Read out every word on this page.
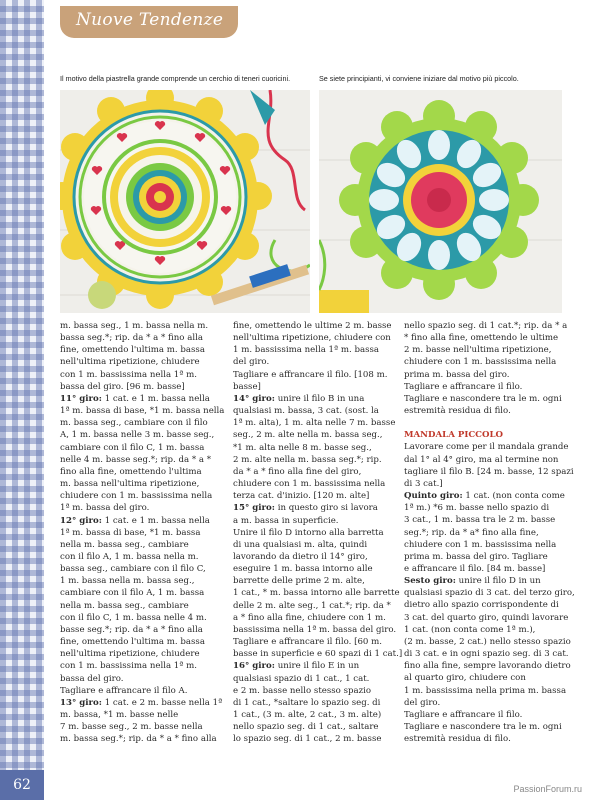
Nuove Tendenze
Il motivo della piastrella grande comprende un cerchio di teneri cuoricini.	Se siete principianti, vi conviene iniziare dal motivo più piccolo.

m. bassa seg., 1 m. bassa nella m.

bassa seg.*; rip. da * a * fino alla

fine, omettendo l'ultima m. bassa

nell'ultima ripetizione, chiudere

con 1 m. bassissima nella 1ª m.

bassa del giro. [96 m. basse]

11° giro: 1 cat. e 1 m. bassa nella

1ª m. bassa di base, *1 m. bassa nella

m. bassa seg., cambiare con il filo

A, 1 m. bassa nelle 3 m. basse seg.,

cambiare con il filo C, 1 m. bassa

nelle 4 m. basse seg.*; rip. da * a *

fino alla fine, omettendo l'ultima

m. bassa nell'ultima ripetizione,

chiudere con 1 m. bassissima nella

1ª m. bassa del giro.

12° giro: 1 cat. e 1 m. bassa nella

1ª m. bassa di base, *1 m. bassa

nella m. bassa seg., cambiare

con il filo A, 1 m. bassa nella m.

bassa seg., cambiare con il filo C,

1 m. bassa nella m. bassa seg.,

cambiare con il filo A, 1 m. bassa

nella m. bassa seg., cambiare

con il filo C, 1 m. bassa nelle 4 m.

basse seg.*; rip. da * a * fino alla

fine, omettendo l'ultima m. bassa

nell'ultima ripetizione, chiudere

con 1 m. bassissima nella 1ª m.

bassa del giro.

Tagliare e affrancare il filo A.

13° giro: 1 cat. e 2 m. basse nella 1ª

m. bassa, *1 m. basse nelle

7 m. basse seg., 2 m. basse nella

m. bassa seg.*; rip. da * a * fino alla

fine, omettendo le ultime 2 m. basse

nell'ultima ripetizione, chiudere con

1 m. bassissima nella 1ª m. bassa

del giro.

Tagliare e affrancare il filo. [108 m.

basse]

14° giro: unire il filo B in una

qualsiasi m. bassa, 3 cat. (sost. la

1ª m. alta), 1 m. alta nelle 7 m. basse

seg., 2 m. alte nella m. bassa seg.,

*1 m. alta nelle 8 m. basse seg.,

2 m. alte nella m. bassa seg.*; rip.

da * a * fino alla fine del giro,

chiudere con 1 m. bassissima nella

terza cat. d'inizio. [120 m. alte]

15° giro: in questo giro si lavora

a m. bassa in superficie.

Unire il filo D intorno alla barretta

di una qualsiasi m. alta, quindi

lavorando da dietro il 14° giro,

eseguire 1 m. bassa intorno alle

barrette delle prime 2 m. alte,

1 cat., * m. bassa intorno alle barrette

delle 2 m. alte seg., 1 cat.*; rip. da *

a * fino alla fine, chiudere con 1 m.

bassissima nella 1ª m. bassa del giro.

Tagliare e affrancare il filo. [60 m.

basse in superficie e 60 spazi di 1 cat.]

16° giro: unire il filo E in un

qualsiasi spazio di 1 cat., 1 cat.

e 2 m. basse nello stesso spazio

di 1 cat., *saltare lo spazio seg. di

1 cat., (3 m. alte, 2 cat., 3 m. alte)

nello spazio seg. di 1 cat., saltare

lo spazio seg. di 1 cat., 2 m. basse

nello spazio seg. di 1 cat.*; rip. da * a

* fino alla fine, omettendo le ultime

2 m. basse nell'ultima ripetizione,

chiudere con 1 m. bassissima nella

prima m. bassa del giro.

Tagliare e affrancare il filo.

Tagliare e nascondere tra le m. ogni

estremità residua di filo.

MANDALA PICCOLO

Lavorare come per il mandala grande

dal 1° al 4° giro, ma al termine non

tagliare il filo B. [24 m. basse, 12 spazi

di 3 cat.]

Quinto giro: 1 cat. (non conta come

1ª m.) *6 m. basse nello spazio di

3 cat., 1 m. bassa tra le 2 m. basse

seg.*; rip. da * a* fino alla fine,

chiudere con 1 m. bassissima nella

prima m. bassa del giro. Tagliare

e affrancare il filo. [84 m. basse]

Sesto giro: unire il filo D in un

qualsiasi spazio di 3 cat. del terzo giro,

dietro allo spazio corrispondente di

3 cat. del quarto giro, quindi lavorare

1 cat. (non conta come 1ª m.),

(2 m. basse, 2 cat.) nello stesso spazio

di 3 cat. e in ogni spazio seg. di 3 cat.

fino alla fine, sempre lavorando dietro

al quarto giro, chiudere con

1 m. bassissima nella prima m. bassa

del giro.

Tagliare e affrancare il filo.

Tagliare e nascondere tra le m. ogni

estremità residua di filo.

62	PassionForum.ru
